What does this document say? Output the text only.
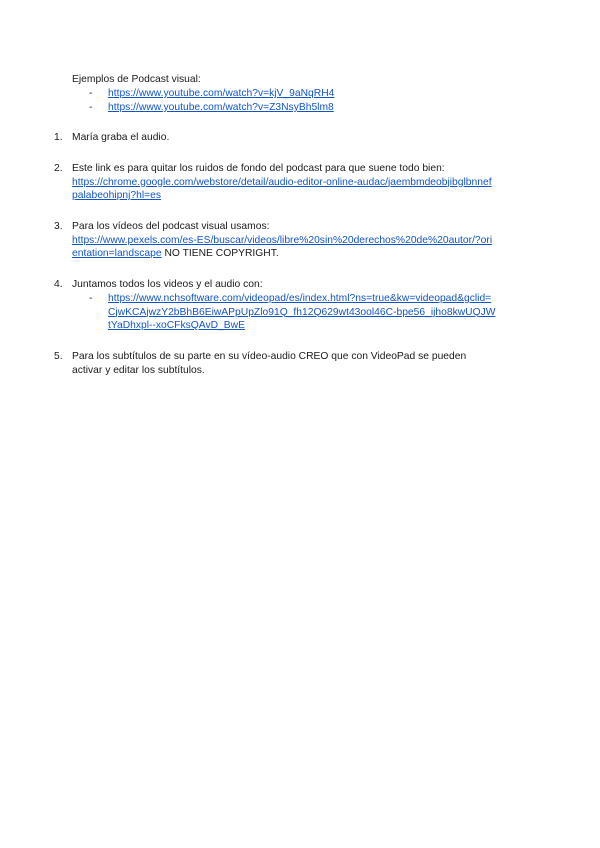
Ejemplos de Podcast visual:
- https://www.youtube.com/watch?v=kjV_9aNqRH4
- https://www.youtube.com/watch?v=Z3NsyBh5lm8
1. María graba el audio.
2. Este link es para quitar los ruidos de fondo del podcast para que suene todo bien:
https://chrome.google.com/webstore/detail/audio-editor-online-audac/jaembmdeobjibglbnnef
palabeohipnj?hl=es
3. Para los vídeos del podcast visual usamos:
https://www.pexels.com/es-ES/buscar/videos/libre%20sin%20derechos%20de%20autor/?ori
entation=landscape NO TIENE COPYRIGHT.
4. Juntamos todos los videos y el audio con:
- https://www.nchsoftware.com/videopad/es/index.html?ns=true&kw=videopad&gclid=
CjwKCAjwzY2bBhB6EiwAPpUpZlo91Q_fh12Q629wt43ool46C-bpe56_ijho8kwUQJW
tYaDhxpl--xoCFksQAvD_BwE
5. Para los subtítulos de su parte en su vídeo-audio CREO que con VideoPad se pueden
activar y editar los subtítulos.
